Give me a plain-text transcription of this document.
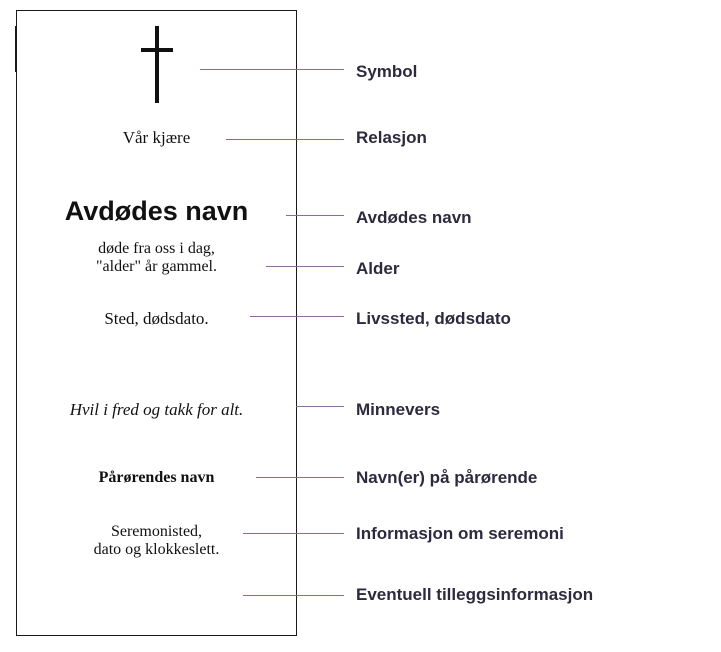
Vår kjære
Avdødes navn
døde fra oss i dag,
"alder" år gammel.
Sted, dødsdato.
Hvil i fred og takk for alt.
Pårørendes navn
Seremonisted,
dato og klokkeslett.
Symbol
Relasjon
Avdødes navn
Alder
Livssted, dødsdato
Minnevers
Navn(er) på pårørende
Informasjon om seremoni
Eventuell tilleggsinformasjon
